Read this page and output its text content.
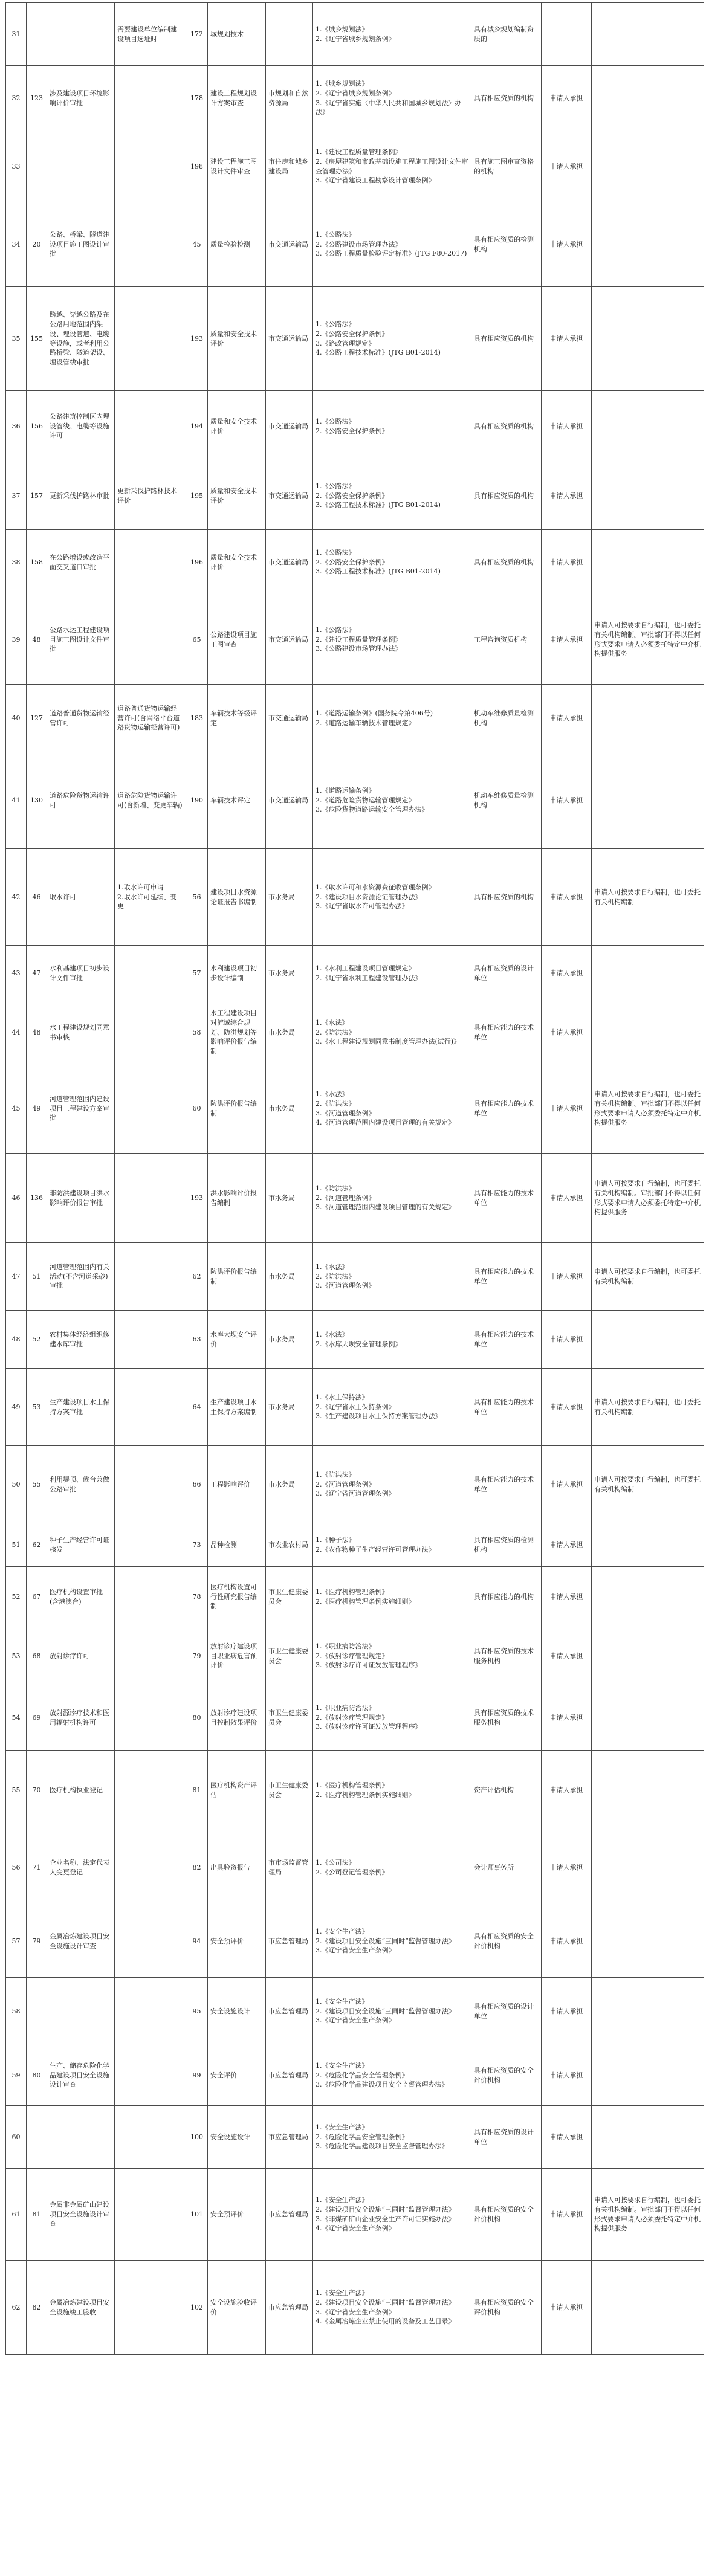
31			需要建设单位编制建设项目选址时	172	城规划技术		1.《城乡规划法》
2.《辽宁省城乡规划条例》	具有城乡规划编制资质的		
32	123	涉及建设项目环境影响评价审批		178	建设工程规划设计方案审查	市规划和自然资源局	1.《城乡规划法》
2.《辽宁省城乡规划条例》
3.《辽宁省实施〈中华人民共和国城乡规划法〉办法》	具有相应资质的机构	申请人承担	
33				198	建设工程施工图设计文件审查	市住房和城乡建设局	1.《建设工程质量管理条例》
2.《房屋建筑和市政基础设施工程施工图设计文件审查管理办法》
3.《辽宁省建设工程勘察设计管理条例》	具有施工图审查资格的机构	申请人承担	
34	20	公路、桥梁、隧道建设项目施工图设计审批		45	质量检验检测	市交通运输局	1.《公路法》
2.《公路建设市场管理办法》
3.《公路工程质量检验评定标准》(JTG F80-2017)	具有相应资质的检测机构	申请人承担	
35	155	跨越、穿越公路及在公路用地范围内架设、埋设管道、电缆等设施，或者利用公路桥梁、隧道架设、埋设管线审批		193	质量和安全技术评价	市交通运输局	1.《公路法》
2.《公路安全保护条例》
3.《路政管理规定》
4.《公路工程技术标准》(JTG B01-2014)	具有相应资质的机构	申请人承担	
36	156	公路建筑控制区内埋设管线、电缆等设施许可		194	质量和安全技术评价	市交通运输局	1.《公路法》
2.《公路安全保护条例》	具有相应资质的机构	申请人承担	
37	157	更新采伐护路林审批	更新采伐护路林技术评价	195	质量和安全技术评价	市交通运输局	1.《公路法》
2.《公路安全保护条例》
3.《公路工程技术标准》(JTG B01-2014)	具有相应资质的机构	申请人承担	
38	158	在公路增设或改造平面交叉道口审批		196	质量和安全技术评价	市交通运输局	1.《公路法》
2.《公路安全保护条例》
3.《公路工程技术标准》(JTG B01-2014)	具有相应资质的机构	申请人承担	
39	48	公路水运工程建设项目施工图设计文件审批		65	公路建设项目施工图审查	市交通运输局	1.《公路法》
2.《建设工程质量管理条例》
3.《公路建设市场管理办法》	工程咨询资质机构	申请人承担	申请人可按要求自行编制，也可委托有关机构编制。审批部门不得以任何形式要求申请人必须委托特定中介机构提供服务
40	127	道路普通货物运输经营许可	道路普通货物运输经营许可(含网络平台道路货物运输经营许可)	183	车辆技术等级评定	市交通运输局	1.《道路运输条例》(国务院令第406号)
2.《道路运输车辆技术管理规定》	机动车维修质量检测机构	申请人承担	
41	130	道路危险货物运输许可	道路危险货物运输许可(含新增、变更车辆)	190	车辆技术评定	市交通运输局	1.《道路运输条例》
2.《道路危险货物运输管理规定》
3.《危险货物道路运输安全管理办法》	机动车维修质量检测机构	申请人承担	
42	46	取水许可	1.取水许可申请
2.取水许可延续、变更	56	建设项目水资源论证报告书编制	市水务局	1.《取水许可和水资源费征收管理条例》
2.《建设项目水资源论证管理办法》
3.《辽宁省取水许可管理办法》	具有相应资质的机构	申请人承担	申请人可按要求自行编制，也可委托有关机构编制
43	47	水利基建项目初步设计文件审批		57	水利建设项目初步设计编制	市水务局	1.《水利工程建设项目管理规定》
2.《辽宁省水利工程建设管理办法》	具有相应资质的设计单位	申请人承担	
44	48	水工程建设规划同意书审核		58	水工程建设项目对流域综合规划、防洪规划等影响评价报告编制	市水务局	1.《水法》
2.《防洪法》
3.《水工程建设规划同意书制度管理办法(试行)》	具有相应能力的技术单位	申请人承担	
45	49	河道管理范围内建设项目工程建设方案审批		60	防洪评价报告编制	市水务局	1.《水法》
2.《防洪法》
3.《河道管理条例》
4.《河道管理范围内建设项目管理的有关规定》	具有相应能力的技术单位	申请人承担	申请人可按要求自行编制，也可委托有关机构编制。审批部门不得以任何形式要求申请人必须委托特定中介机构提供服务
46	136	非防洪建设项目洪水影响评价报告审批		193	洪水影响评价报告编制	市水务局	1.《防洪法》
2.《河道管理条例》
3.《河道管理范围内建设项目管理的有关规定》	具有相应能力的技术单位	申请人承担	申请人可按要求自行编制，也可委托有关机构编制。审批部门不得以任何形式要求申请人必须委托特定中介机构提供服务
47	51	河道管理范围内有关活动(不含河道采砂)审批		62	防洪评价报告编制	市水务局	1.《水法》
2.《防洪法》
3.《河道管理条例》	具有相应能力的技术单位	申请人承担	申请人可按要求自行编制，也可委托有关机构编制
48	52	农村集体经济组织修建水库审批		63	水库大坝安全评价	市水务局	1.《水法》
2.《水库大坝安全管理条例》	具有相应能力的技术单位	申请人承担	
49	53	生产建设项目水土保持方案审批		64	生产建设项目水土保持方案编制	市水务局	1.《水土保持法》
2.《辽宁省水土保持条例》
3.《生产建设项目水土保持方案管理办法》	具有相应能力的技术单位	申请人承担	申请人可按要求自行编制，也可委托有关机构编制
50	55	利用堤顶、戗台兼做公路审批		66	工程影响评价	市水务局	1.《防洪法》
2.《河道管理条例》
3.《辽宁省河道管理条例》	具有相应能力的技术单位	申请人承担	申请人可按要求自行编制，也可委托有关机构编制
51	62	种子生产经营许可证核发		73	品种检测	市农业农村局	1.《种子法》
2.《农作物种子生产经营许可管理办法》	具有相应资质的检测机构	申请人承担	
52	67	医疗机构设置审批(含港澳台)		78	医疗机构设置可行性研究报告编制	市卫生健康委员会	1.《医疗机构管理条例》
2.《医疗机构管理条例实施细则》	具有相应能力的机构	申请人承担	
53	68	放射诊疗许可		79	放射诊疗建设项目职业病危害预评价	市卫生健康委员会	1.《职业病防治法》
2.《放射诊疗管理规定》
3.《放射诊疗许可证发放管理程序》	具有相应资质的技术服务机构	申请人承担	
54	69	放射源诊疗技术和医用辐射机构许可		80	放射诊疗建设项目控制效果评价	市卫生健康委员会	1.《职业病防治法》
2.《放射诊疗管理规定》
3.《放射诊疗许可证发放管理程序》	具有相应资质的技术服务机构	申请人承担	
55	70	医疗机构执业登记		81	医疗机构资产评估	市卫生健康委员会	1.《医疗机构管理条例》
2.《医疗机构管理条例实施细则》	资产评估机构	申请人承担	
56	71	企业名称、法定代表人变更登记		82	出具验资报告	市市场监督管理局	1.《公司法》
2.《公司登记管理条例》	会计师事务所	申请人承担	
57	79	金属冶炼建设项目安全设施设计审查		94	安全预评价	市应急管理局	1.《安全生产法》
2.《建设项目安全设施“三同时”监督管理办法》
3.《辽宁省安全生产条例》	具有相应资质的安全评价机构	申请人承担	
58				95	安全设施设计	市应急管理局	1.《安全生产法》
2.《建设项目安全设施“三同时”监督管理办法》
3.《辽宁省安全生产条例》	具有相应资质的设计单位	申请人承担	
59	80	生产、储存危险化学品建设项目安全设施设计审查		99	安全评价	市应急管理局	1.《安全生产法》
2.《危险化学品安全管理条例》
3.《危险化学品建设项目安全监督管理办法》	具有相应资质的安全评价机构	申请人承担	
60				100	安全设施设计	市应急管理局	1.《安全生产法》
2.《危险化学品安全管理条例》
3.《危险化学品建设项目安全监督管理办法》	具有相应资质的设计单位	申请人承担	
61	81	金属非金属矿山建设项目安全设施设计审查		101	安全预评价	市应急管理局	1.《安全生产法》
2.《建设项目安全设施“三同时”监督管理办法》
3.《非煤矿矿山企业安全生产许可证实施办法》
4.《辽宁省安全生产条例》	具有相应资质的安全评价机构	申请人承担	申请人可按要求自行编制，也可委托有关机构编制。审批部门不得以任何形式要求申请人必须委托特定中介机构提供服务
62	82	金属冶炼建设项目安全设施竣工验收		102	安全设施验收评价	市应急管理局	1.《安全生产法》
2.《建设项目安全设施“三同时”监督管理办法》
3.《辽宁省安全生产条例》
4.《金属冶炼企业禁止使用的设备及工艺目录》	具有相应资质的安全评价机构	申请人承担	
